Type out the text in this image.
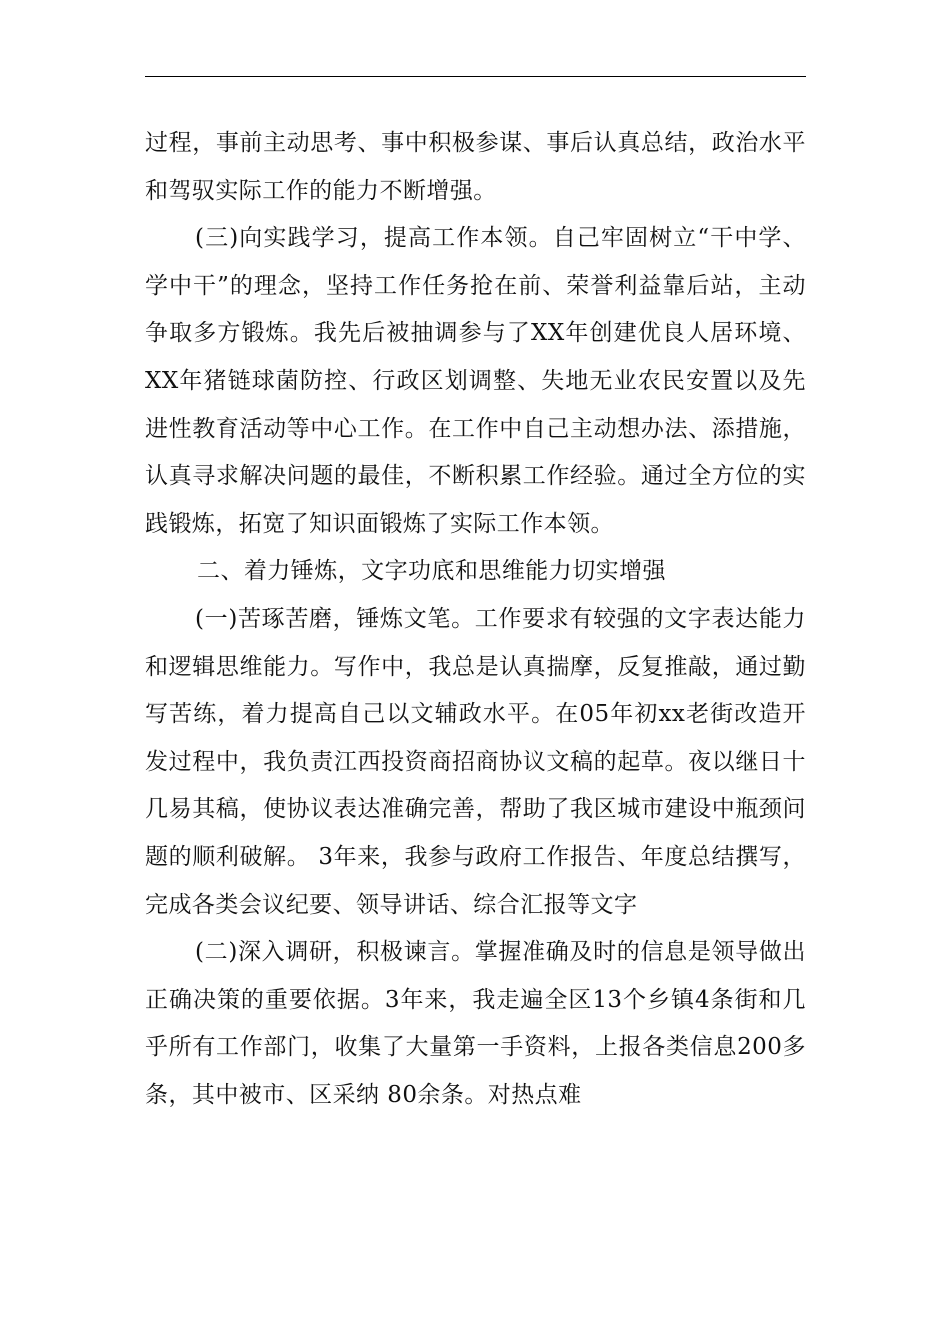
过程，事前主动思考、事中积极参谋、事后认真总结，政治水平和驾驭实际工作的能力不断增强。

(三)向实践学习，提高工作本领。自己牢固树立“干中学、学中干”的理念，坚持工作任务抢在前、荣誉利益靠后站，主动争取多方锻炼。我先后被抽调参与了XX年创建优良人居环境、XX年猪链球菌防控、行政区划调整、失地无业农民安置以及先进性教育活动等中心工作。在工作中自己主动想办法、添措施，认真寻求解决问题的最佳，不断积累工作经验。通过全方位的实践锻炼，拓宽了知识面锻炼了实际工作本领。

二、着力锤炼，文字功底和思维能力切实增强

(一)苦琢苦磨，锤炼文笔。工作要求有较强的文字表达能力和逻辑思维能力。写作中，我总是认真揣摩，反复推敲，通过勤写苦练，着力提高自己以文辅政水平。在05年初xx老街改造开发过程中，我负责江西投资商招商协议文稿的起草。夜以继日十几易其稿，使协议表达准确完善，帮助了我区城市建设中瓶颈问题的顺利破解。 3年来，我参与政府工作报告、年度总结撰写，完成各类会议纪要、领导讲话、综合汇报等文字

(二)深入调研，积极谏言。掌握准确及时的信息是领导做出正确决策的重要依据。3年来，我走遍全区13个乡镇4条街和几乎所有工作部门，收集了大量第一手资料，上报各类信息200多条，其中被市、区采纳 80余条。对热点难
